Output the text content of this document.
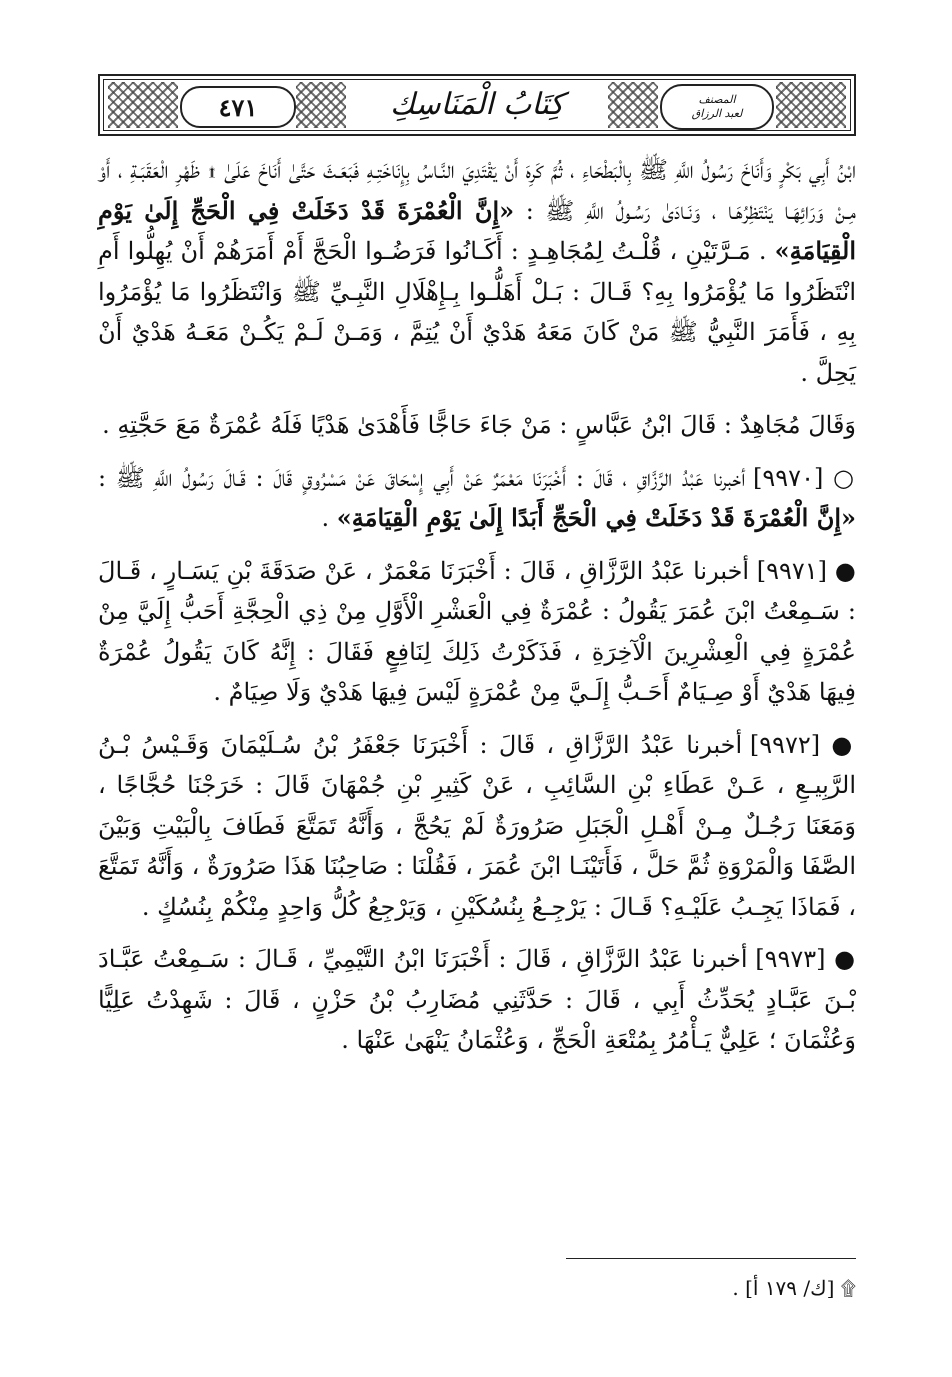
٤٧١	كِتَابُ الْمَنَاسِكِ	المصنف
لعبد الرزاق

ابْنُ أَبِي بَكْرٍ وَأَنَاخَ رَسُولُ اللَّهِ ﷺ بِالْبَطْحَاءِ ، ثُمَّ كَرِهَ أَنْ يَقْتَدِيَ النَّـاسُ بِإِنَاخَتِـهِ فَبَعَـثَ حَتَّىٰ أَنَاخَ عَلَىٰ ۩ ظَهْرِ الْعَقَبَـةِ ، أَوْ مِـنْ وَرَائِهَـا يَنْتَظِرُهَـا ، وَنَـادَىٰ رَسُـولُ اللَّهِ ﷺ : «إِنَّ الْعُمْرَةَ قَدْ دَخَلَتْ فِي الْحَجِّ إِلَىٰ يَوْمِ الْقِيَامَةِ» . مَـرَّتَيْنِ ، قُلْـتُ لِمُجَاهِـدٍ : أَكَـانُوا فَرَضُـوا الْحَجَّ أَمْ أَمَرَهُمْ أَنْ يُهِلُّوا أَمِ انْتَظَرُوا مَا يُؤْمَرُوا بِهِ؟ قَـالَ : بَـلْ أَهَلُّـوا بِـإِهْلَالِ النَّبِـيِّ ﷺ وَانْتَظَرُوا مَا يُؤْمَرُوا بِهِ ، فَأَمَرَ النَّبِيُّ ﷺ مَنْ كَانَ مَعَهُ هَدْيٌ أَنْ يُتِمَّ ، وَمَـنْ لَـمْ يَكُـنْ مَعَـهُ هَدْيٌ أَنْ يَحِلَّ .

وَقَالَ مُجَاهِدٌ : قَالَ ابْنُ عَبَّاسٍ : مَنْ جَاءَ حَاجًّا فَأَهْدَىٰ هَدْيًا فَلَهُ عُمْرَةٌ مَعَ حَجَّتِهِ .

○ [٩٩٧٠] أخبرنا عَبْدُ الرَّزَّاقِ ، قَالَ : أَخْبَرَنَا مَعْمَرٌ عَنْ أَبِي إِسْحَاقَ عَنْ مَسْرُوقٍ قَالَ : قَـالَ رَسُولُ اللَّهِ ﷺ : «إِنَّ الْعُمْرَةَ قَدْ دَخَلَتْ فِي الْحَجِّ أَبَدًا إِلَىٰ يَوْمِ الْقِيَامَةِ» .

● [٩٩٧١] أخبرنا عَبْدُ الرَّزَّاقِ ، قَالَ : أَخْبَرَنَا مَعْمَرٌ ، عَنْ صَدَقَةَ بْنِ يَسَـارٍ ، قَـالَ : سَـمِعْتُ ابْنَ عُمَرَ يَقُولُ : عُمْرَةٌ فِي الْعَشْرِ الْأَوَّلِ مِنْ ذِي الْحِجَّةِ أَحَبُّ إِلَيَّ مِنْ عُمْرَةٍ فِي الْعِشْرِينَ الْآخِرَةِ ، فَذَكَرْتُ ذَلِكَ لِنَافِعٍ فَقَالَ : إِنَّهُ كَانَ يَقُولُ عُمْرَةٌ فِيهَا هَدْيٌ أَوْ صِـيَامٌ أَحَـبُّ إِلَـيَّ مِنْ عُمْرَةٍ لَيْسَ فِيهَا هَدْيٌ وَلَا صِيَامٌ .

● [٩٩٧٢] أخبرنا عَبْدُ الرَّزَّاقِ ، قَالَ : أَخْبَرَنَا جَعْفَرُ بْنُ سُـلَيْمَانَ وَقَـيْسُ بْـنُ الرَّبِيـعِ ، عَـنْ عَطَاءِ بْنِ السَّائِبِ ، عَنْ كَثِيرِ بْنِ جُمْهَانَ قَالَ : خَرَجْنَا حُجَّاجًا ، وَمَعَنَا رَجُـلٌ مِـنْ أَهْـلِ الْجَبَلِ صَرُورَةٌ لَمْ يَحُجَّ ، وَأَنَّهُ تَمَتَّعَ فَطَافَ بِالْبَيْتِ وَبَيْنَ الصَّفَا وَالْمَرْوَةِ ثُمَّ حَلَّ ، فَأَتَيْنَـا ابْنَ عُمَرَ ، فَقُلْنَا : صَاحِبُنَا هَذَا صَرُورَةٌ ، وَأَنَّهُ تَمَتَّعَ ، فَمَاذَا يَجِـبُ عَلَيْـهِ؟ قَـالَ : يَرْجِـعُ بِنُسُكَيْنِ ، وَيَرْجِعُ كُلُّ وَاحِدٍ مِنْكُمْ بِنُسُكٍ .

● [٩٩٧٣] أخبرنا عَبْدُ الرَّزَّاقِ ، قَالَ : أَخْبَرَنَا ابْنُ التَّيْمِيِّ ، قَـالَ : سَـمِعْتُ عَبَّـادَ بْـنَ عَبَّـادٍ يُحَدِّثُ أَبِي ، قَالَ : حَدَّثَنِي مُضَارِبُ بْنُ حَزْنٍ ، قَالَ : شَهِدْتُ عَلِيًّا وَعُثْمَانَ ؛ عَلِيٌّ يَـأْمُرُ بِمُتْعَةِ الْحَجِّ ، وَعُثْمَانُ يَنْهَىٰ عَنْهَا .

۩ [ك/ ١٧٩ أ] .
